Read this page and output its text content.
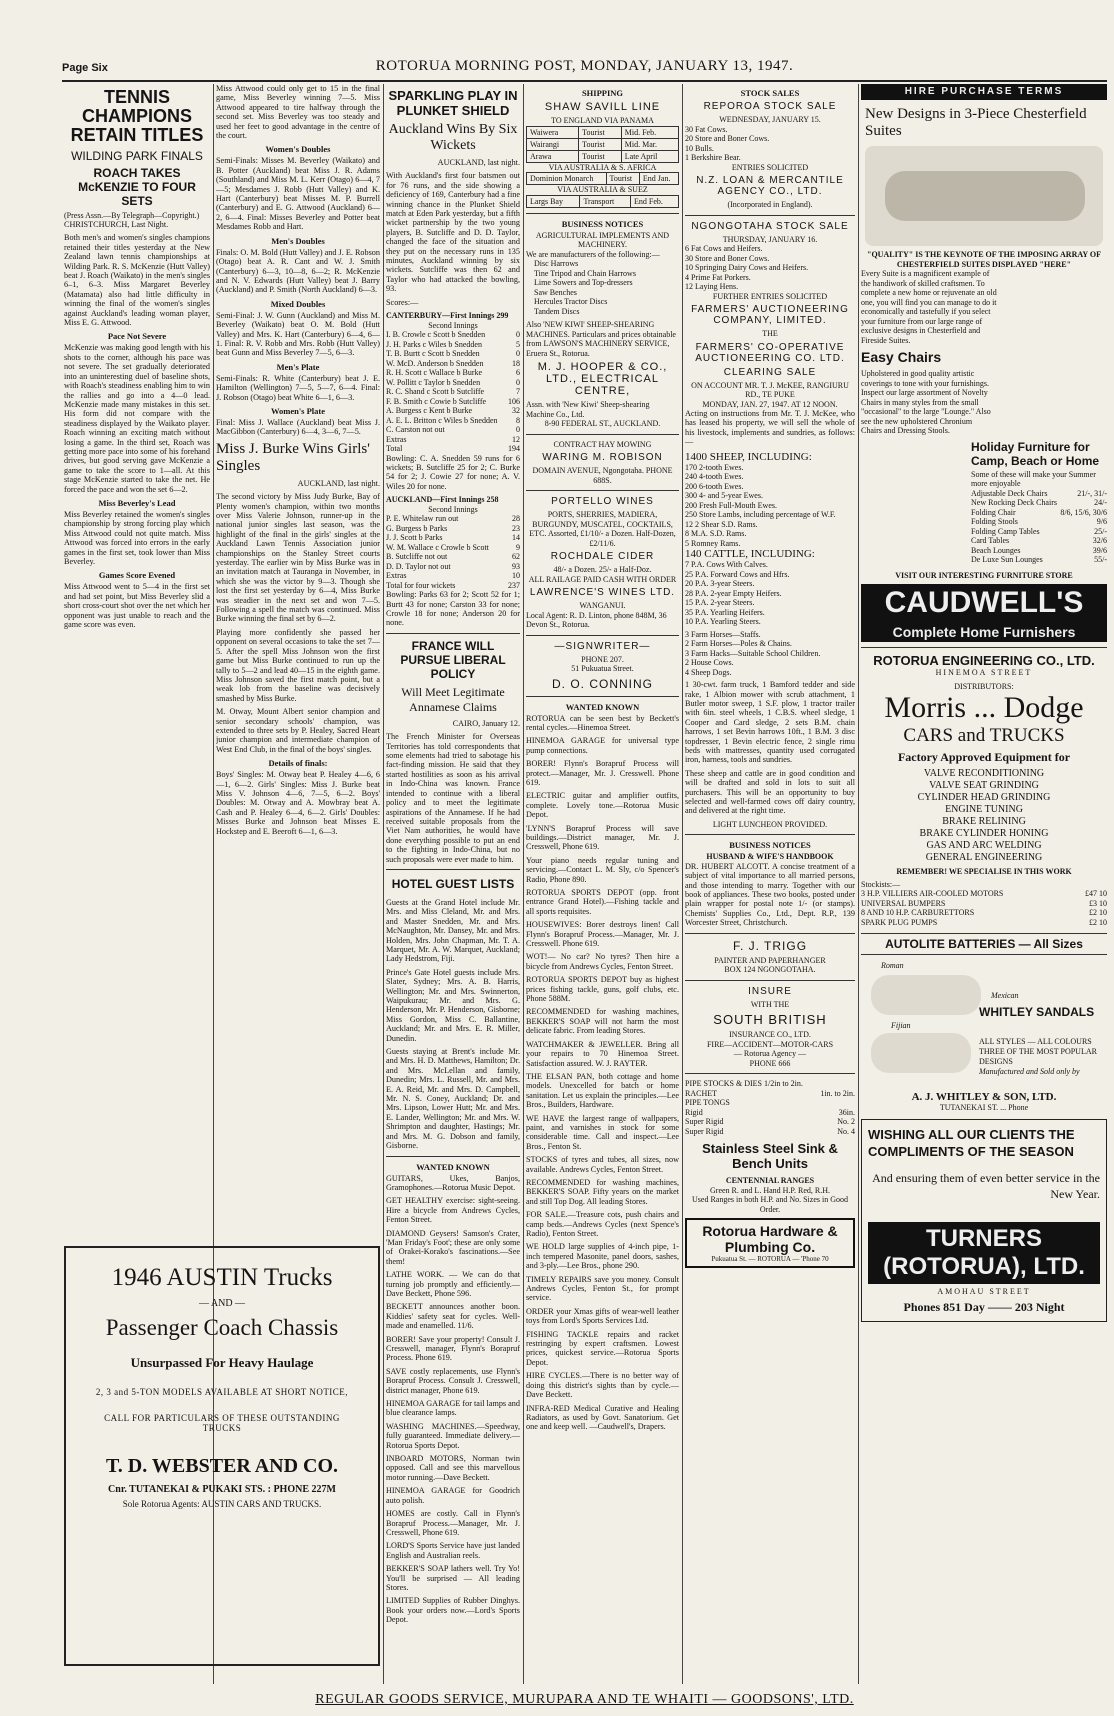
Page Six	ROTORUA MORNING POST, MONDAY, JANUARY 13, 1947.
TENNIS CHAMPIONS RETAIN TITLES
WILDING PARK FINALS
ROACH TAKES McKENZIE TO FOUR SETS
(Press Assn.—By Telegraph—Copyright.)
CHRISTCHURCH, Last Night.
Both men's and women's singles champions retained their titles yesterday at the New Zealand lawn tennis championships at Wilding Park. R. S. McKenzie (Hutt Valley) beat J. Roach (Waikato) in the men's singles 6–1, 6–3. Miss Margaret Beverley (Matamata) also had little difficulty in winning the final of the women's singles against Auckland's leading woman player, Miss E. G. Attwood.
Pace Not Severe
McKenzie was making good length with his shots to the corner, although his pace was not severe. The set gradually deteriorated into an uninteresting duel of baseline shots, with Roach's steadiness enabling him to win the rallies and go into a 4—0 lead. McKenzie made many mistakes in this set. His form did not compare with the steadiness displayed by the Waikato player. Roach winning an exciting match without losing a game. In the third set, Roach was getting more pace into some of his forehand drives, but good serving gave McKenzie a game to take the score to 1—all. At this stage McKenzie started to take the net. He forced the pace and won the set 6—2.
Miss Beverley's Lead
Miss Beverley retained the women's singles championship by strong forcing play which Miss Attwood could not quite match. Miss Attwood was forced into errors in the early games in the first set, took lower than Miss Beverley.
Games Score Evened
Miss Attwood went to 5—4 in the first set and had set point, but Miss Beverley slid a short cross-court shot over the net which her opponent was just unable to reach and the game score was even.
1946 AUSTIN Trucks
— AND —
Passenger Coach Chassis
Unsurpassed For Heavy Haulage
2, 3 and 5-TON MODELS AVAILABLE AT SHORT NOTICE,
CALL FOR PARTICULARS OF THESE OUTSTANDING TRUCKS
T. D. WEBSTER AND CO.
Cnr. TUTANEKAI & PUKAKI STS. : PHONE 227M
Sole Rotorua Agents: AUSTIN CARS AND TRUCKS.
Miss Attwood could only get to 15 in the final game, Miss Beverley winning 7—5. Miss Attwood appeared to tire halfway through the second set. Miss Beverley was too steady and used her feet to good advantage in the centre of the court.
Women's Doubles
Semi-Finals: Misses M. Beverley (Waikato) and B. Potter (Auckland) beat Miss J. R. Adams (Southland) and Miss M. L. Kerr (Otago) 6—4, 7—5; Mesdames J. Robb (Hutt Valley) and K. Hart (Canterbury) beat Misses M. P. Burrell (Canterbury) and E. G. Attwood (Auckland) 6—2, 6—4. Final: Misses Beverley and Potter beat Mesdames Robb and Hart.
Men's Doubles
Finals: O. M. Bold (Hutt Valley) and J. E. Robson (Otago) beat A. R. Cant and W. J. Smith (Canterbury) 6—3, 10—8, 6—2; R. McKenzie and N. V. Edwards (Hutt Valley) beat J. Barry (Auckland) and P. Smith (North Auckland) 6—3.
Mixed Doubles
Semi-Final: J. W. Gunn (Auckland) and Miss M. Beverley (Waikato) beat O. M. Bold (Hutt Valley) and Mrs. K. Hart (Canterbury) 6—4, 6—1. Final: R. V. Robb and Mrs. Robb (Hutt Valley) beat Gunn and Miss Beverley 7—5, 6—3.
Men's Plate
Semi-Finals: R. White (Canterbury) beat J. E. Hamilton (Wellington) 7—5, 5—7, 6—4. Final: J. Robson (Otago) beat White 6—1, 6—3.
Women's Plate
Final: Miss J. Wallace (Auckland) beat Miss J. MacGibbon (Canterbury) 6—4, 3—6, 7—5.
Miss J. Burke Wins Girls' Singles
AUCKLAND, last night.
The second victory by Miss Judy Burke, Bay of Plenty women's champion, within two months over Miss Valerie Johnson, runner-up in the national junior singles last season, was the highlight of the final in the girls' singles at the Auckland Lawn Tennis Association junior championships on the Stanley Street courts yesterday. The earlier win by Miss Burke was in an invitation match at Tauranga in November, in which she was the victor by 9—3. Though she lost the first set yesterday by 6—4, Miss Burke was steadier in the next set and won 7—5. Following a spell the match was continued. Miss Burke winning the final set by 6—2.
Playing more confidently she passed her opponent on several occasions to take the set 7—5. After the spell Miss Johnson won the first game but Miss Burke continued to run up the tally to 5—2 and lead 40—15 in the eighth game. Miss Johnson saved the first match point, but a weak lob from the baseline was decisively smashed by Miss Burke.
M. Otway, Mount Albert senior champion and senior secondary schools' champion, was extended to three sets by P. Healey, Sacred Heart junior champion and intermediate champion of West End Club, in the final of the boys' singles.
Details of finals:
Boys' Singles: M. Otway beat P. Healey 4—6, 6—1, 6—2. Girls' Singles: Miss J. Burke beat Miss V. Johnson 4—6, 7—5, 6—2. Boys' Doubles: M. Otway and A. Mowbray beat A. Cash and P. Healey 6—4, 6—2. Girls' Doubles: Misses Burke and Johnson beat Misses E. Hockstep and E. Beeroft 6—1, 6—3.
SPARKLING PLAY IN PLUNKET SHIELD
Auckland Wins By Six Wickets
AUCKLAND, last night.
With Auckland's first four batsmen out for 76 runs, and the side showing a deficiency of 169, Canterbury had a fine winning chance in the Plunket Shield match at Eden Park yesterday, but a fifth wicket partnership by the two young players, B. Sutcliffe and D. D. Taylor, changed the face of the situation and they put on the necessary runs in 135 minutes, Auckland winning by six wickets. Sutcliffe was then 62 and Taylor who had attacked the bowling, 93.
Scores:—
CANTERBURY—First Innings 299
Second Innings
I. B. Crowle c Scott b Snedden	0
J. H. Parks c Wiles b Snedden	5
T. B. Burtt c Scott b Snedden	0
W. McD. Anderson b Snedden	18
R. H. Scott c Wallace b Burke	6
W. Pollitt c Taylor b Snedden	0
R. C. Shand c Scott b Sutcliffe	7
F. B. Smith c Cowie b Sutcliffe	106
A. Burgess c Kent b Burke	32
A. E. L. Britton c Wiles b Snedden 8
C. Carston not out	0
Extras	12
Total	194
Bowling: C. A. Snedden 59 runs for 6 wickets; B. Sutcliffe 25 for 2; C. Burke 54 for 2; J. Cowie 27 for none; A. V. Wiles 20 for none.
AUCKLAND—First Innings 258
Second Innings
P. E. Whitelaw run out	28
G. Burgess b Parks	23
J. J. Scott b Parks	14
W. M. Wallace c Crowle b Scott	9
B. Sutcliffe not out	62
D. D. Taylor not out	93
Extras	10
Total for four wickets	237
Bowling: Parks 63 for 2; Scott 52 for 1; Burtt 43 for none; Carston 33 for none; Crowle 18 for none; Anderson 20 for none.
FRANCE WILL PURSUE LIBERAL POLICY
Will Meet Legitimate Annamese Claims
CAIRO, January 12.
The French Minister for Overseas Territories has told correspondents that some elements had tried to sabotage his fact-finding mission. He said that they started hostilities as soon as his arrival in Indo-China was known. France intended to continue with a liberal policy and to meet the legitimate aspirations of the Annamese. If he had received suitable proposals from the Viet Nam authorities, he would have done everything possible to put an end to the fighting in Indo-China, but no such proposals were ever made to him.
HOTEL GUEST LISTS
Guests at the Grand Hotel include Mr. Mrs. and Miss Cleland, Mr. and Mrs. and Master Snedden, Mr. and Mrs. McNaughton, Mr. Dansey, Mr. and Mrs. Holden, Mrs. John Chapman, Mr. T. A. Marquet, Mr. A. W. Marquet, Auckland; Lady Hedstrom, Fiji.
Prince's Gate Hotel guests include Mrs. Slater, Sydney; Mrs. A. B. Harris, Wellington; Mr. and Mrs. Swinnerton, Waipukurau; Mr. and Mrs. G. Henderson, Mr. P. Henderson, Gisborne; Miss Gordon, Miss C. Ballantine, Auckland; Mr. and Mrs. E. R. Miller, Dunedin.
Guests staying at Brent's include Mr. and Mrs. H. D. Matthews, Hamilton; Dr. and Mrs. McLellan and family, Dunedin; Mrs. L. Russell, Mr. and Mrs. E. A. Reid, Mr. and Mrs. D. Campbell, Mr. N. S. Coney, Auckland; Dr. and Mrs. Lipson, Lower Hutt; Mr. and Mrs. E. Lander, Wellington; Mr. and Mrs. W. Shrimpton and daughter, Hastings; Mr. and Mrs. M. G. Dobson and family, Gisborne.
WANTED KNOWN
GUITARS, Ukes, Banjos, Gramophones.—Rotorua Music Depot.
GET HEALTHY exercise: sight-seeing. Hire a bicycle from Andrews Cycles, Fenton Street.
DIAMOND Geysers! Samson's Crater, 'Man Friday's Foot'; these are only some of Orakei-Korako's fascinations.—See them!
LATHE WORK. — We can do that turning job promptly and efficiently.—Dave Beckett, Phone 596.
BECKETT announces another boon. Kiddies' safety seat for cycles. Well-made and enamelled. 11/6.
BORER! Save your property! Consult J. Cresswell, manager, Flynn's Borapruf Process. Phone 619.
SAVE costly replacements, use Flynn's Borapruf Process. Consult J. Cresswell, district manager, Phone 619.
HINEMOA GARAGE for tail lamps and blue clearance lamps.
WASHING MACHINES.—Speedway, fully guaranteed. Immediate delivery.—Rotorua Sports Depot.
INBOARD MOTORS, Norman twin opposed. Call and see this marvellous motor running.—Dave Beckett.
HINEMOA GARAGE for Goodrich auto polish.
HOMES are costly. Call in Flynn's Borapruf Process.—Manager, Mr. J. Cresswell, Phone 619.
LORD'S Sports Service have just landed English and Australian reels.
BEKKER'S SOAP lathers well. Try Yo! You'll be surprised — All leading Stores.
LIMITED Supplies of Rubber Dinghys. Book your orders now.—Lord's Sports Depot.
SHIPPING
SHAW SAVILL LINE
TO ENGLAND VIA PANAMA
Waiwera	Tourist	Mid. Feb.
Wairangi	Tourist	Mid. Mar.
Arawa	Tourist	Late April
VIA AUSTRALIA & S. AFRICA
Dominion Monarch	Tourist	End Jan.
VIA AUSTRALIA & SUEZ
Largs Bay	Transport	End Feb.
BUSINESS NOTICES
AGRICULTURAL IMPLEMENTS AND MACHINERY.
We are manufacturers of the following:—
Disc Harrows
Tine Tripod and Chain Harrows
Lime Sowers and Top-dressers
Saw Benches
Hercules Tractor Discs
Tandem Discs
Also 'NEW KIWI' SHEEP-SHEARING MACHINES. Particulars and prices obtainable from LAWSON'S MACHINERY SERVICE, Eruera St., Rotorua.
M. J. HOOPER & CO., LTD., ELECTRICAL CENTRE,
Assn. with 'New Kiwi' Sheep-shearing Machine Co., Ltd.
8-90 FEDERAL ST., AUCKLAND.
CONTRACT HAY MOWING
WARING M. ROBISON
DOMAIN AVENUE, Ngongotaha. PHONE 688S.
PORTELLO WINES
PORTS, SHERRIES, MADIERA, BURGUNDY, MUSCATEL, COCKTAILS, ETC. Assorted, £1/10/- a Dozen. Half-Dozen, £2/11/6.
ROCHDALE CIDER
48/- a Dozen. 25/- a Half-Doz.
ALL RAILAGE PAID CASH WITH ORDER
LAWRENCE'S WINES LTD.
WANGANUI.
Local Agent: R. D. Linton, phone 848M, 36 Devon St., Rotorua.
—SIGNWRITER—
PHONE 207.
51 Pukuatua Street.
D. O. CONNING
WANTED KNOWN
ROTORUA can be seen best by Beckett's rental cycles.—Hinemoa Street.
HINEMOA GARAGE for universal type pump connections.
BORER! Flynn's Borapruf Process will protect.—Manager, Mr. J. Cresswell. Phone 619.
ELECTRIC guitar and amplifier outfits, complete. Lovely tone.—Rotorua Music Depot.
'LYNN'S Borapruf Process will save buildings.—District manager, Mr. J. Cresswell, Phone 619.
Your piano needs regular tuning and servicing.—Contact L. M. Sly, c/o Spencer's Radio, Phone 890.
ROTORUA SPORTS DEPOT (opp. front entrance Grand Hotel).—Fishing tackle and all sports requisites.
HOUSEWIVES: Borer destroys linen! Call Flynn's Borapruf Process.—Manager, Mr. J. Cresswell. Phone 619.
WOT!— No car? No tyres? Then hire a bicycle from Andrews Cycles, Fenton Street.
ROTORUA SPORTS DEPOT buy as highest prices fishing tackle, guns, golf clubs, etc. Phone 588M.
RECOMMENDED for washing machines, BEKKER'S SOAP will not harm the most delicate fabric. From leading Stores.
WATCHMAKER & JEWELLER. Bring all your repairs to 70 Hinemoa Street. Satisfaction assured. W. J. RAYTER.
THE ELSAN PAN, both cottage and home models. Unexcelled for batch or home sanitation. Let us explain the principles.—Lee Bros., Builders, Hardware.
WE HAVE the largest range of wallpapers, paint, and varnishes in stock for some considerable time. Call and inspect.—Lee Bros., Fenton St.
STOCKS of tyres and tubes, all sizes, now available. Andrews Cycles, Fenton Street.
RECOMMENDED for washing machines, BEKKER'S SOAP. Fifty years on the market and still Top Dog. All leading Stores.
FOR SALE.—Treasure cots, push chairs and camp beds.—Andrews Cycles (next Spence's Radio), Fenton Street.
WE HOLD large supplies of 4-inch pipe, 1-inch tempered Masonite, panel doors, sashes, and 3-ply.—Lee Bros., phone 290.
TIMELY REPAIRS save you money. Consult Andrews Cycles, Fenton St., for prompt service.
ORDER your Xmas gifts of wear-well leather toys from Lord's Sports Services Ltd.
FISHING TACKLE repairs and racket restringing by expert craftsmen. Lowest prices, quickest service.—Rotorua Sports Depot.
HIRE CYCLES.—There is no better way of doing this district's sights than by cycle.—Dave Beckett.
INFRA-RED Medical Curative and Healing Radiators, as used by Govt. Sanatorium. Get one and keep well. —Caudwell's, Drapers.
STOCK SALES
REPOROA STOCK SALE
WEDNESDAY, JANUARY 15.
30 Fat Cows.
20 Store and Boner Cows.
10 Bulls.
1 Berkshire Bear.
ENTRIES SOLICITED
N.Z. LOAN & MERCANTILE AGENCY CO., LTD.
(Incorporated in England).
NGONGOTAHA STOCK SALE
THURSDAY, JANUARY 16.
6 Fat Cows and Heifers.
30 Store and Boner Cows.
10 Springing Dairy Cows and Heifers.
4 Prime Fat Porkers.
12 Laying Hens.
FURTHER ENTRIES SOLICITED
FARMERS' AUCTIONEERING COMPANY, LIMITED.
THE
FARMERS' CO-OPERATIVE AUCTIONEERING CO. LTD.
CLEARING SALE
ON ACCOUNT MR. T. J. McKEE, RANGIURU RD., TE PUKE
MONDAY, JAN. 27, 1947. AT 12 NOON.
Acting on instructions from Mr. T. J. McKee, who has leased his property, we will sell the whole of his livestock, implements and sundries, as follows:—
1400 SHEEP, INCLUDING:
170 2-tooth Ewes.
240 4-tooth Ewes.
200 6-tooth Ewes.
300 4- and 5-year Ewes.
200 Fresh Full-Mouth Ewes.
250 Store Lambs, including percentage of W.F.
12 2 Shear S.D. Rams.
8 M.A. S.D. Rams.
5 Romney Rams.
140 CATTLE, INCLUDING:
7 P.A. Cows With Calves.
25 P.A. Forward Cows and Hfrs.
20 P.A. 3-year Steers.
28 P.A. 2-year Empty Heifers.
15 P.A. 2-year Steers.
35 P.A. Yearling Heifers.
10 P.A. Yearling Steers.
3 Farm Horses—Staffs.
2 Farm Horses—Poles & Chains.
3 Farm Hacks—Suitable School Children.
2 House Cows.
4 Sheep Dogs.
1 30-cwt. farm truck, 1 Bamford tedder and side rake, 1 Albion mower with scrub attachment, 1 Butler motor sweep, 1 S.F. plow, 1 tractor trailer with 6in. steel wheels, 1 C.B.S. wheel sledge, 1 Cooper and Card sledge, 2 sets B.M. chain harrows, 1 set Bevin harrows 10ft., 1 B.M. 3 disc topdresser, 1 Bevin electric fence, 2 single rimu beds with mattresses, quantity used corrugated iron, harness, tools and sundries.
These sheep and cattle are in good condition and will be drafted and sold in lots to suit all purchasers. This will be an opportunity to buy selected and well-farmed cows off dairy country, and delivered at the right time.
LIGHT LUNCHEON PROVIDED.
BUSINESS NOTICES
HUSBAND & WIFE'S HANDBOOK
DR. HUBERT ALCOTT. A concise treatment of a subject of vital importance to all married persons, and those intending to marry. Together with our book of appliances. These two books, posted under plain wrapper for postal note 1/- (or stamps). Chemists' Supplies Co., Ltd., Dept. R.P., 139 Worcester Street, Christchurch.
F. J. TRIGG
PAINTER AND PAPERHANGER
BOX 124 NGONGOTAHA.
INSURE
WITH THE
SOUTH BRITISH
INSURANCE CO., LTD.
FIRE—ACCIDENT—MOTOR-CARS
— Rotorua Agency —
PHONE 666
PIPE STOCKS & DIES 1/2in to 2in.
RACHET	1in. to 2in.
PIPE TONGS
Rigid	36in.
Super Rigid	No. 2
Super Rigid	No. 4
Stainless Steel Sink & Bench Units
CENTENNIAL RANGES
Green R. and L. Hand H.P. Red, R.H.
Used Ranges in both H.P. and No. Sizes in Good Order.
Rotorua Hardware & Plumbing Co.
Pukuatua St. — ROTORUA — 'Phone 70
HIRE PURCHASE TERMS
New Designs in 3-Piece Chesterfield Suites
"QUALITY" IS THE KEYNOTE OF THE IMPOSING ARRAY OF CHESTERFIELD SUITES DISPLAYED "HERE"
Every Suite is a magnificent example of the handiwork of skilled craftsmen. To complete a new home or rejuvenate an old one, you will find you can manage to do it economically and tastefully if you select your furniture from our large range of exclusive designs in Chesterfield and Fireside Suites.
Easy Chairs
Upholstered in good quality artistic coverings to tone with your furnishings. Inspect our large assortment of Novelty Chairs in many styles from the small "occasional" to the large "Lounge." Also see the new upholstered Chronium Chairs and Dressing Stools.
Holiday Furniture for Camp, Beach or Home
Some of these will make your Summer more enjoyable
Adjustable Deck Chairs	21/-, 31/-
New Rocking Deck Chairs	24/-
Folding Chair	8/6, 15/6, 30/6
Folding Stools	9/6
Folding Camp Tables	25/-
Card Tables	32/6
Beach Lounges	39/6
De Luxe Sun Lounges	55/-
VISIT OUR INTERESTING FURNITURE STORE
CAUDWELL'S
Complete Home Furnishers
ROTORUA ENGINEERING CO., LTD.
HINEMOA STREET
DISTRIBUTORS:
Morris ... Dodge
CARS and TRUCKS
Factory Approved Equipment for
VALVE RECONDITIONING
VALVE SEAT GRINDING
CYLINDER HEAD GRINDING
ENGINE TUNING
BRAKE RELINING
BRAKE CYLINDER HONING
GAS AND ARC WELDING
GENERAL ENGINEERING
REMEMBER! WE SPECIALISE IN THIS WORK
Stockists:—
3 H.P. VILLIERS AIR-COOLED MOTORS	£47 10
UNIVERSAL BUMPERS	£3 10
8 AND 10 H.P. CARBURETTORS	£2 10
SPARK PLUG PUMPS	£2 10
AUTOLITE BATTERIES — All Sizes
Roman
Mexican
Fijian
WHITLEY SANDALS
ALL STYLES — ALL COLOURS
THREE OF THE MOST POPULAR DESIGNS
Manufactured and Sold only by
A. J. WHITLEY & SON, LTD.
TUTANEKAI ST. ... Phone
WISHING ALL OUR CLIENTS THE COMPLIMENTS OF THE SEASON
And ensuring them of even better service in the New Year.
TURNERS (ROTORUA), LTD.
AMOHAU STREET
Phones 851 Day —— 203 Night
REGULAR GOODS SERVICE, MURUPARA AND TE WHAITI — GOODSONS', LTD.
